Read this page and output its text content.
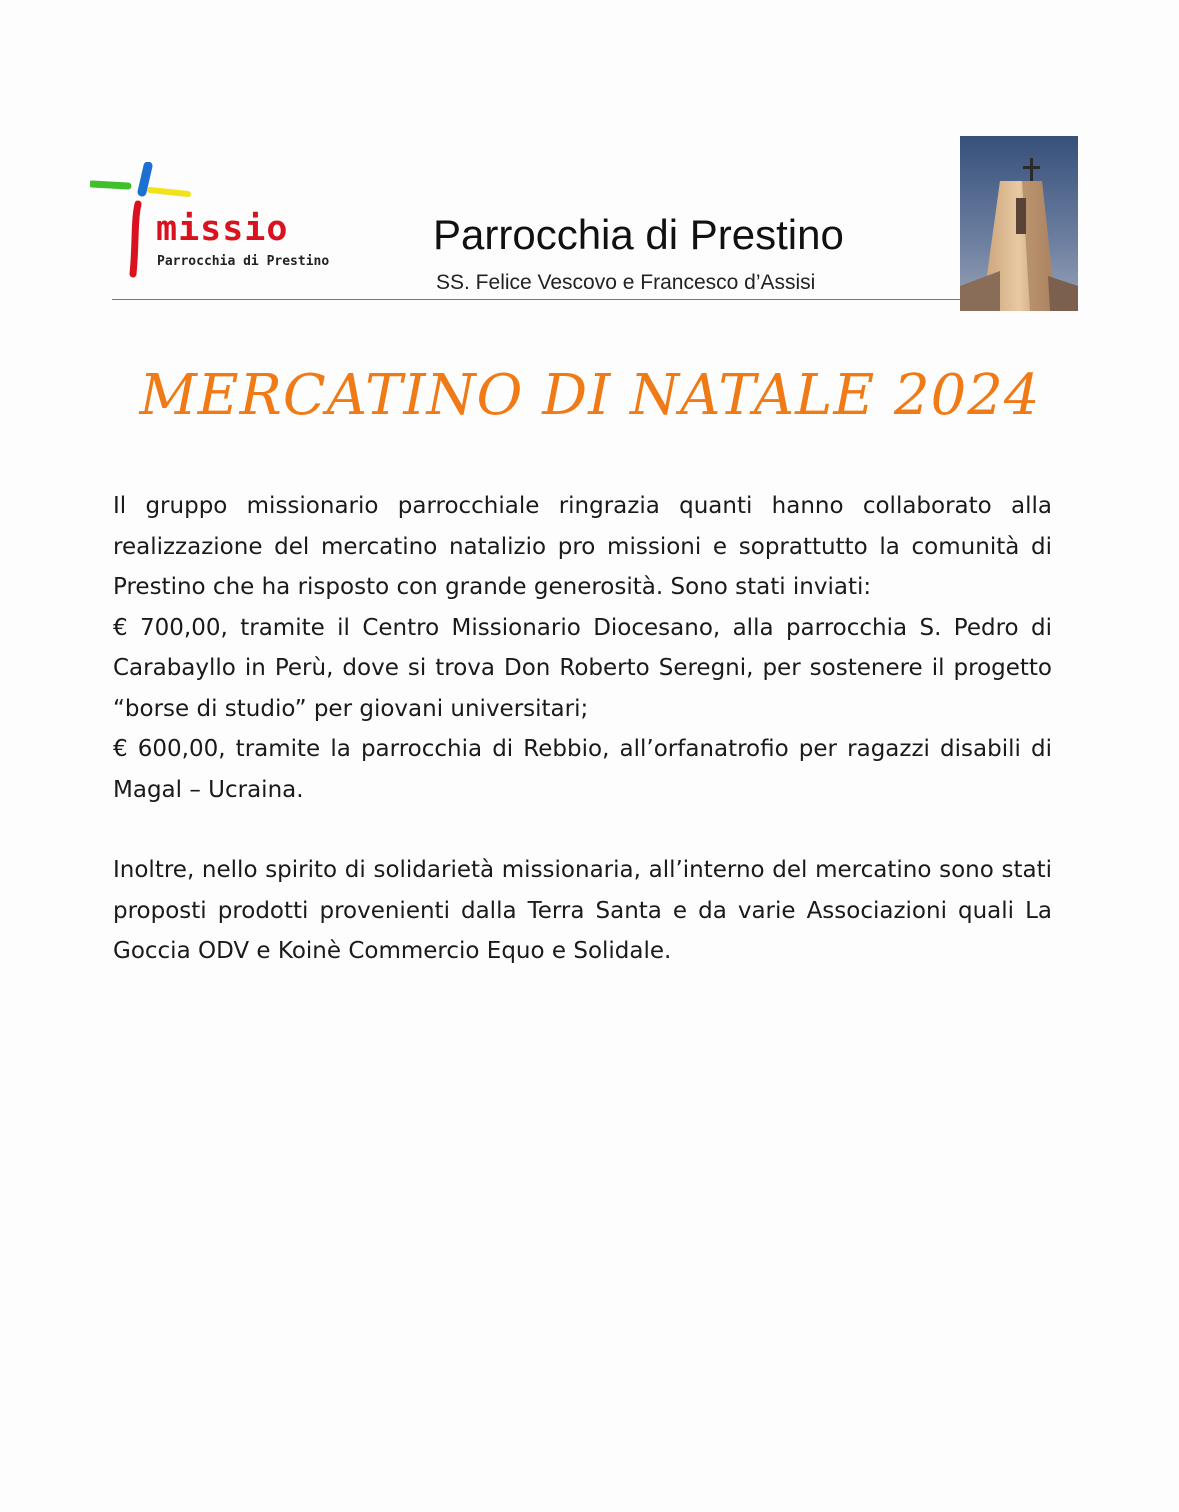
missio
Parrocchia di Prestino
Parrocchia di Prestino
SS. Felice Vescovo e Francesco d’Assisi
MERCATINO DI NATALE 2024

Il gruppo missionario parrocchiale ringrazia quanti hanno collaborato alla realizzazione del mercatino natalizio pro missioni e soprattutto la comunità di Prestino che ha risposto con grande generosità. Sono stati inviati:

€ 700,00, tramite il Centro Missionario Diocesano, alla parrocchia S. Pedro di Carabayllo in Perù, dove si trova Don Roberto Seregni, per sostenere il progetto “borse di studio” per giovani universitari;

€ 600,00, tramite la parrocchia di Rebbio, all’orfanatrofio per ragazzi disabili di Magal – Ucraina.

Inoltre, nello spirito di solidarietà missionaria, all’interno del mercatino sono stati proposti prodotti provenienti dalla Terra Santa e da varie Associazioni quali La Goccia ODV e Koinè Commercio Equo e Solidale.
